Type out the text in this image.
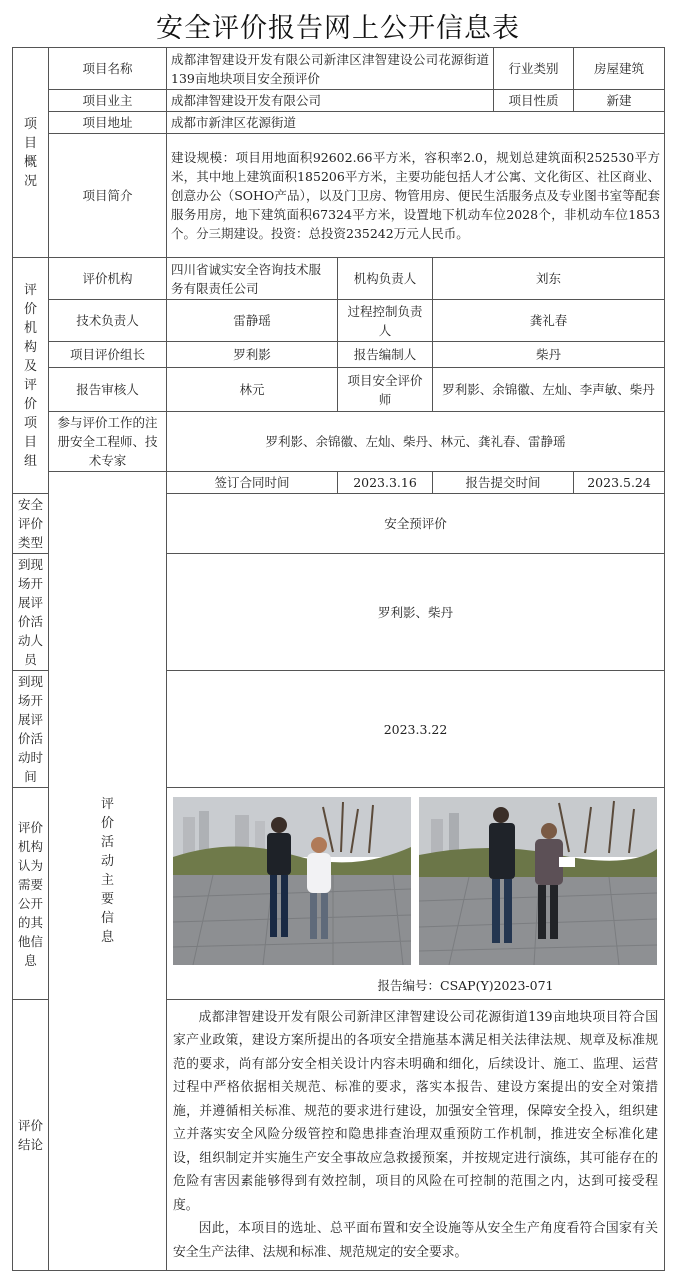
安全评价报告网上公开信息表
项目概况	项目名称	成都津智建设开发有限公司新津区津智建设公司花源街道139亩地块项目安全预评价			行业类别	房屋建筑
	项目业主	成都津智建设开发有限公司			项目性质	新建
	项目地址	成都市新津区花源街道				
	项目简介	建设规模：项目用地面积92602.66平方米，容积率2.0，规划总建筑面积252530平方米，其中地上建筑面积185206平方米，主要功能包括人才公寓、文化街区、社区商业、创意办公（SOHO产品），以及门卫房、物管用房、便民生活服务点及专业图书室等配套服务用房，地下建筑面积67324平方米，设置地下机动车位2028个，非机动车位1853个。分三期建设。投资：总投资235242万元人民币。				

评价机构及评价项目组	评价机构	四川省诚实安全咨询技术服务有限责任公司	机构负责人	刘东		
	技术负责人	雷静瑶	过程控制负责人	龚礼春		
	项目评价组长	罗利影	报告编制人	柴丹		
	报告审核人	林元	项目安全评价师	罗利影、余锦徽、左灿、李声敏、柴丹		
	参与评价工作的注册安全工程师、技术专家	罗利影、余锦徽、左灿、柴丹、林元、龚礼春、雷静瑶				

	评价活动主要信息	签订合同时间	2023.3.16	报告提交时间		2023.5.24
安全评价类型		安全预评价				
到现场开展评价活动人员		罗利影、柴丹				
到现场开展评价活动时间		2023.3.22				
评价机构认为需要公开的其他信息		报告编号：CSAP(Y)2023-071				

评价结论		成都津智建设开发有限公司新津区津智建设公司花源街道139亩地块项目符合国家产业政策，建设方案所提出的各项安全措施基本满足相关法律法规、规章及标准规范的要求，尚有部分安全相关设计内容未明确和细化，后续设计、施工、监理、运营过程中严格依据相关规范、标准的要求，落实本报告、建设方案提出的安全对策措施，并遵循相关标准、规范的要求进行建设，加强安全管理，保障安全投入，组织建立并落实安全风险分级管控和隐患排查治理双重预防工作机制，推进安全标准化建设，组织制定并实施生产安全事故应急救援预案，并按规定进行演练，其可能存在的危险有害因素能够得到有效控制，项目的风险在可控制的范围之内，达到可接受程度。

因此，本项目的选址、总平面布置和安全设施等从安全生产角度看符合国家有关安全生产法律、法规和标准、规范规定的安全要求。				
